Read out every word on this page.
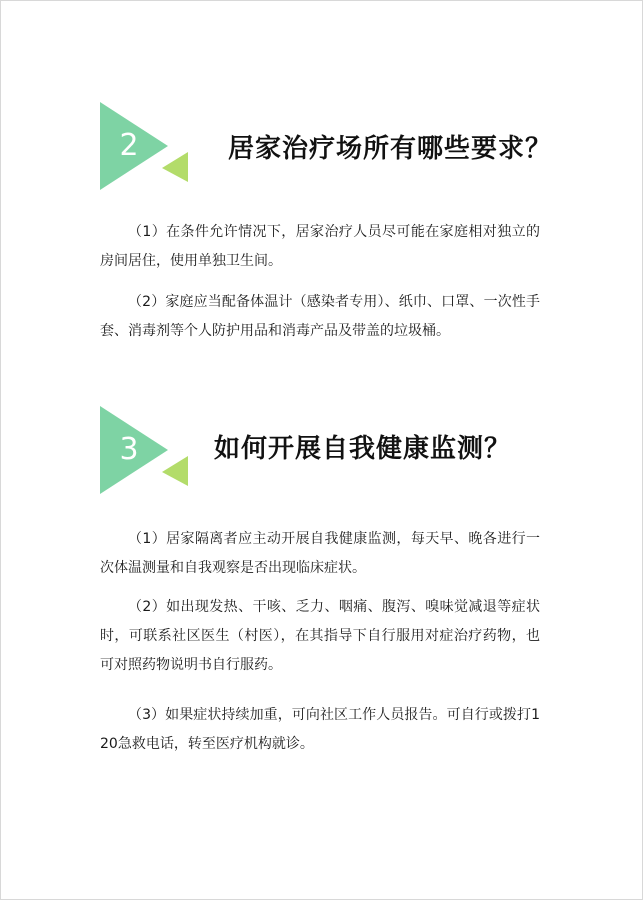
2	居家治疗场所有哪些要求？

（1）在条件允许情况下，居家治疗人员尽可能在家庭相对独立的房间居住，使用单独卫生间。

（2）家庭应当配备体温计（感染者专用）、纸巾、口罩、一次性手套、消毒剂等个人防护用品和消毒产品及带盖的垃圾桶。

3	如何开展自我健康监测？

（1）居家隔离者应主动开展自我健康监测，每天早、晚各进行一次体温测量和自我观察是否出现临床症状。

（2）如出现发热、干咳、乏力、咽痛、腹泻、嗅味觉减退等症状时，可联系社区医生（村医），在其指导下自行服用对症治疗药物，也可对照药物说明书自行服药。

（3）如果症状持续加重，可向社区工作人员报告。可自行或拨打120急救电话，转至医疗机构就诊。
